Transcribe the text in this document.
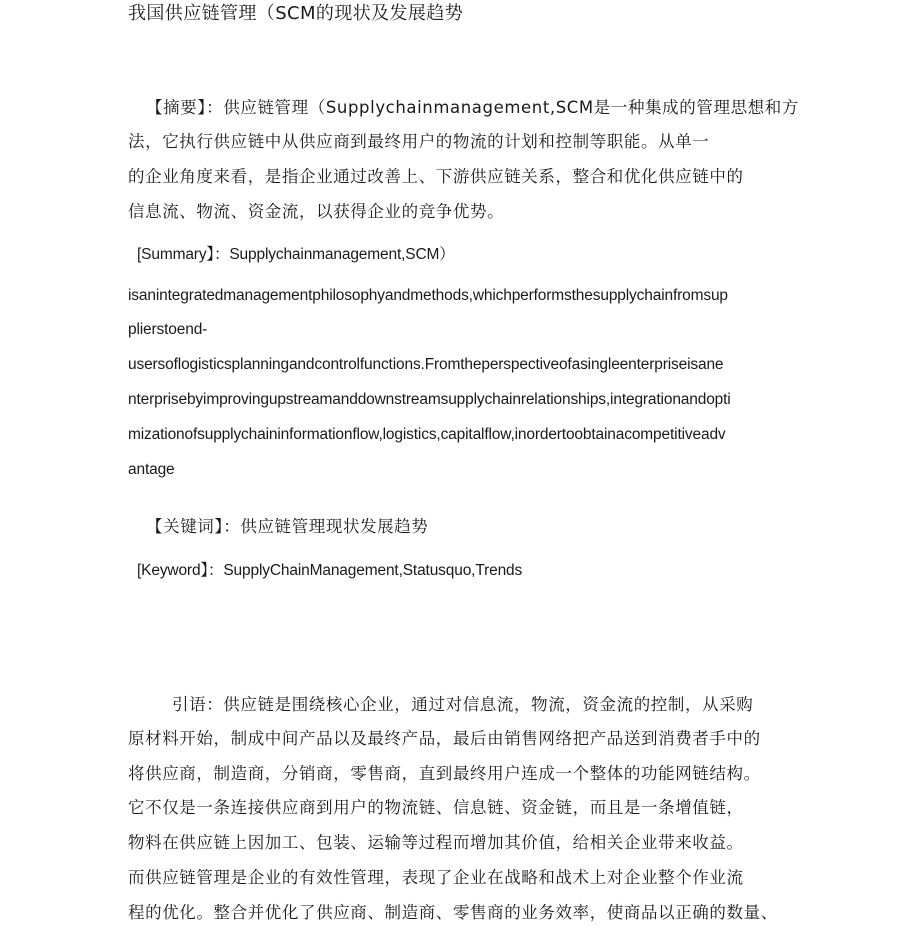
我国供应链管理（SCM的现状及发展趋势

【摘要】：供应链管理（Supplychainmanagement,SCM是一种集成的管理思想和方

法，它执行供应链中从供应商到最终用户的物流的计划和控制等职能。从单一

的企业角度来看，是指企业通过改善上、下游供应链关系，整合和优化供应链中的

信息流、物流、资金流，以获得企业的竞争优势。

[Summary】：Supplychainmanagement,SCM）

isanintegratedmanagementphilosophyandmethods,whichperformsthesupplychainfromsup

plierstoend-

usersoflogisticsplanningandcontrolfunctions.Fromtheperspectiveofasingleenterpriseisane

nterprisebyimprovingupstreamanddownstreamsupplychainrelationships,integrationandopti

mizationofsupplychaininformationflow,logistics,capitalflow,inordertoobtainacompetitiveadv

antage

【关键词】：供应链管理现状发展趋势

[Keyword】：SupplyChainManagement,Statusquo,Trends

引语：供应链是围绕核心企业，通过对信息流，物流，资金流的控制，从采购

原材料开始，制成中间产品以及最终产品，最后由销售网络把产品送到消费者手中的

将供应商，制造商，分销商，零售商，直到最终用户连成一个整体的功能网链结构。

它不仅是一条连接供应商到用户的物流链、信息链、资金链，而且是一条增值链，

物料在供应链上因加工、包装、运输等过程而增加其价值，给相关企业带来收益。

而供应链管理是企业的有效性管理，表现了企业在战略和战术上对企业整个作业流

程的优化。整合并优化了供应商、制造商、零售商的业务效率，使商品以正确的数量、
